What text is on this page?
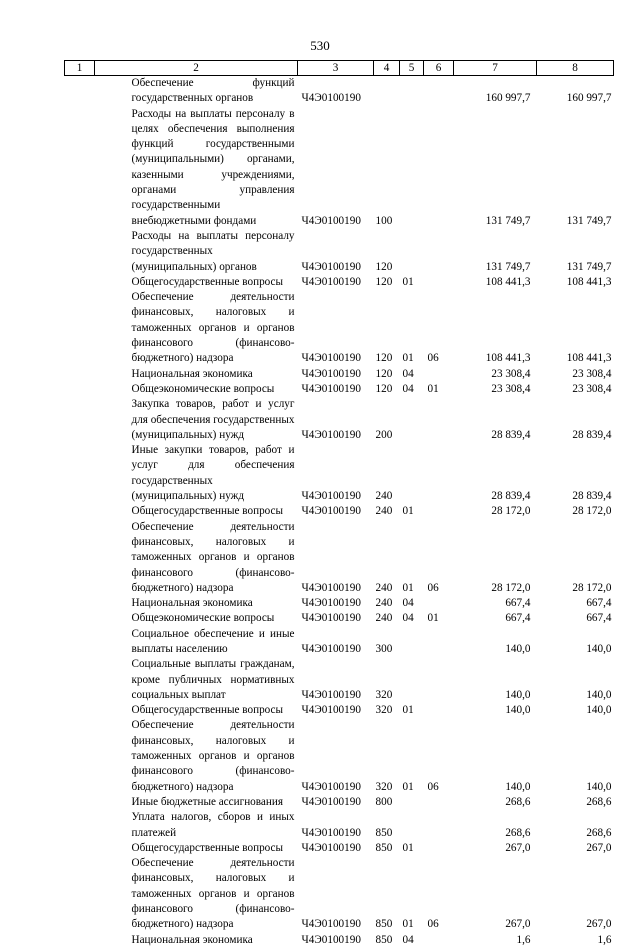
530
1	2	3	4	5	6	7	8
	Обеспечение функций государственных органов	Ч4Э0100190				160 997,7	160 997,7
	Расходы на выплаты персоналу в целях обеспечения выполнения функций государственными (муниципальными) органами, казенными учреждениями, органами управления государственными внебюджетными фондами	Ч4Э0100190	100			131 749,7	131 749,7
	Расходы на выплаты персоналу государственных (муниципальных) органов	Ч4Э0100190	120			131 749,7	131 749,7
	Общегосударственные вопросы	Ч4Э0100190	120	01		108 441,3	108 441,3
	Обеспечение деятельности финансовых, налоговых и таможенных органов и органов финансового (финансово-бюджетного) надзора	Ч4Э0100190	120	01	06	108 441,3	108 441,3
	Национальная экономика	Ч4Э0100190	120	04		23 308,4	23 308,4
	Общеэкономические вопросы	Ч4Э0100190	120	04	01	23 308,4	23 308,4
	Закупка товаров, работ и услуг для обеспечения государственных (муниципальных) нужд	Ч4Э0100190	200			28 839,4	28 839,4
	Иные закупки товаров, работ и услуг для обеспечения государственных (муниципальных) нужд	Ч4Э0100190	240			28 839,4	28 839,4
	Общегосударственные вопросы	Ч4Э0100190	240	01		28 172,0	28 172,0
	Обеспечение деятельности финансовых, налоговых и таможенных органов и органов финансового (финансово-бюджетного) надзора	Ч4Э0100190	240	01	06	28 172,0	28 172,0
	Национальная экономика	Ч4Э0100190	240	04		667,4	667,4
	Общеэкономические вопросы	Ч4Э0100190	240	04	01	667,4	667,4
	Социальное обеспечение и иные выплаты населению	Ч4Э0100190	300			140,0	140,0
	Социальные выплаты гражданам, кроме публичных нормативных социальных выплат	Ч4Э0100190	320			140,0	140,0
	Общегосударственные вопросы	Ч4Э0100190	320	01		140,0	140,0
	Обеспечение деятельности финансовых, налоговых и таможенных органов и органов финансового (финансово-бюджетного) надзора	Ч4Э0100190	320	01	06	140,0	140,0
	Иные бюджетные ассигнования	Ч4Э0100190	800			268,6	268,6
	Уплата налогов, сборов и иных платежей	Ч4Э0100190	850			268,6	268,6
	Общегосударственные вопросы	Ч4Э0100190	850	01		267,0	267,0
	Обеспечение деятельности финансовых, налоговых и таможенных органов и органов финансового (финансово-бюджетного) надзора	Ч4Э0100190	850	01	06	267,0	267,0
	Национальная экономика	Ч4Э0100190	850	04		1,6	1,6
